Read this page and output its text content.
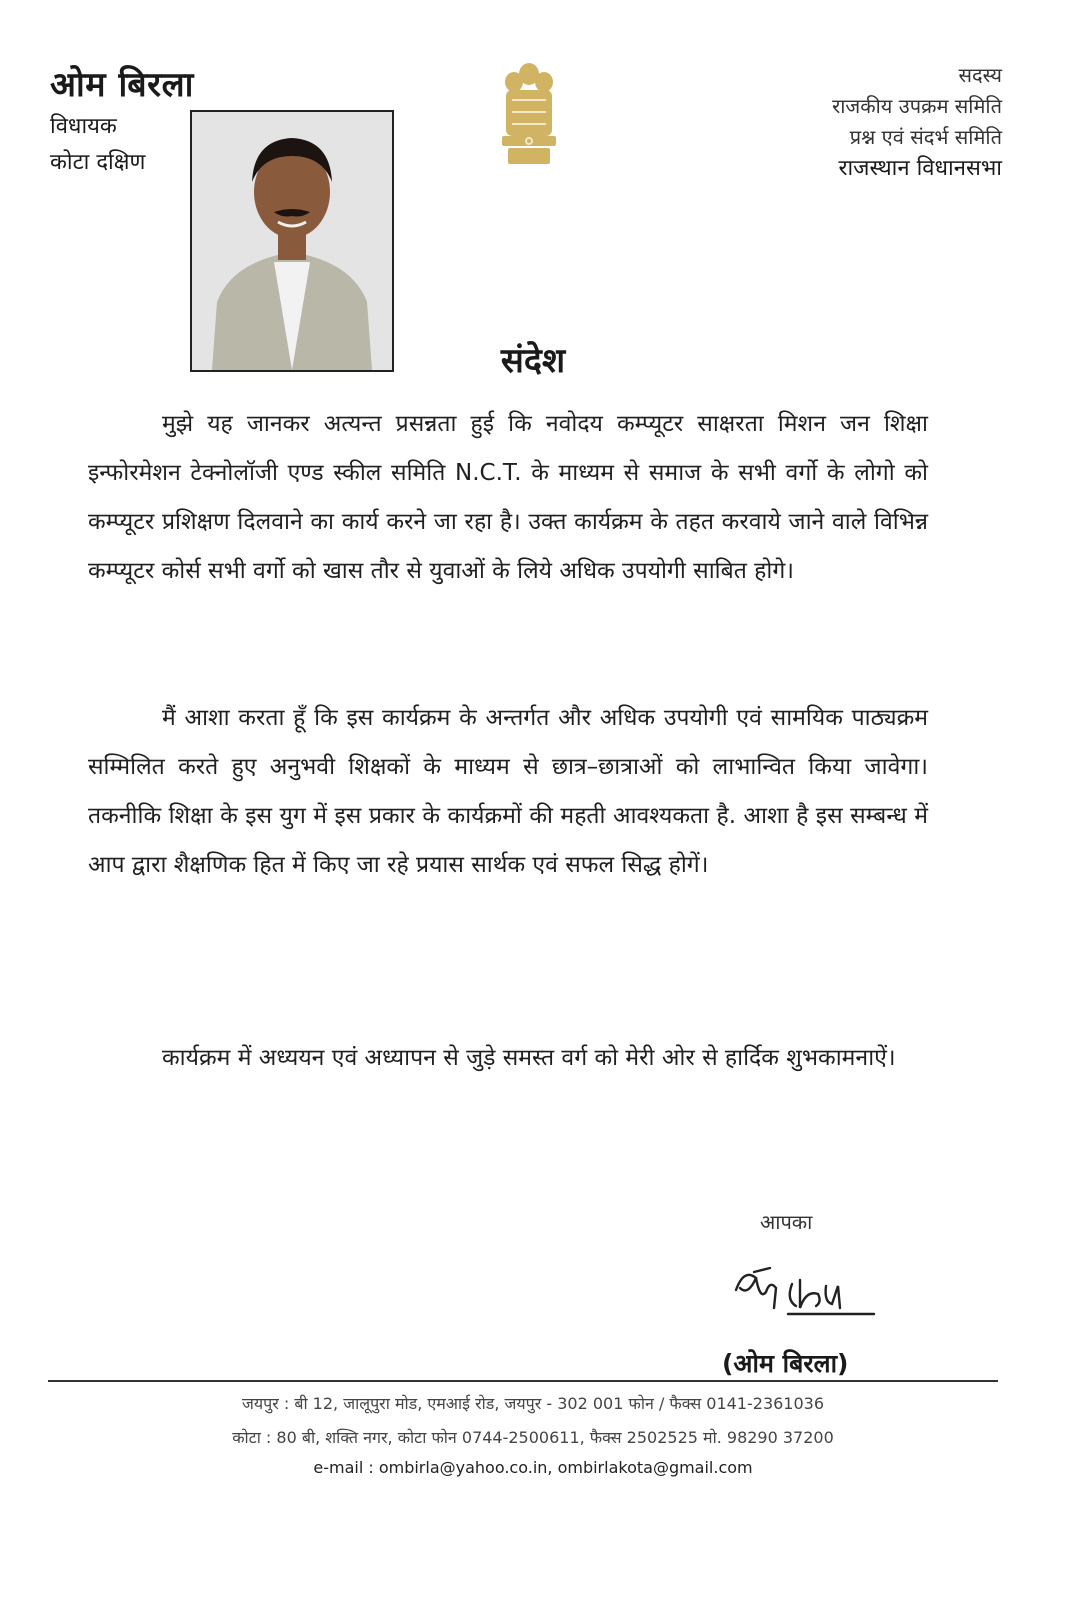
ओम बिरला
विधायक
कोटा दक्षिण
सदस्य
राजकीय उपक्रम समिति
प्रश्न एवं संदर्भ समिति
राजस्थान विधानसभा
संदेश
मुझे यह जानकर अत्यन्त प्रसन्नता हुई कि नवोदय कम्प्यूटर साक्षरता मिशन जन शिक्षा इन्फोरमेशन टेक्नोलॉजी एण्ड स्कील समिति N.C.T. के माध्यम से समाज के सभी वर्गो के लोगो को कम्प्यूटर प्रशिक्षण दिलवाने का कार्य करने जा रहा है। उक्त कार्यक्रम के तहत करवाये जाने वाले विभिन्न कम्प्यूटर कोर्स सभी वर्गो को खास तौर से युवाओं के लिये अधिक उपयोगी साबित होगे।
मैं आशा करता हूँ कि इस कार्यक्रम के अन्तर्गत और अधिक उपयोगी एवं सामयिक पाठ्यक्रम सम्मिलित करते हुए अनुभवी शिक्षकों के माध्यम से छात्र–छात्राओं को लाभान्वित किया जावेगा। तकनीकि शिक्षा के इस युग में इस प्रकार के कार्यक्रमों की महती आवश्यकता है. आशा है इस सम्बन्ध में आप द्वारा शैक्षणिक हित में किए जा रहे प्रयास सार्थक एवं सफल सिद्ध होगें।
कार्यक्रम में अध्ययन एवं अध्यापन से जुड़े समस्त वर्ग को मेरी ओर से हार्दिक शुभकामनाऐं।
आपका
(ओम बिरला)
जयपुर : बी 12, जालूपुरा मोड, एमआई रोड, जयपुर - 302 001 फोन / फैक्स 0141-2361036
कोटा : 80 बी, शक्ति नगर, कोटा फोन 0744-2500611, फैक्स 2502525 मो. 98290 37200
e-mail : ombirla@yahoo.co.in, ombirlakota@gmail.com
